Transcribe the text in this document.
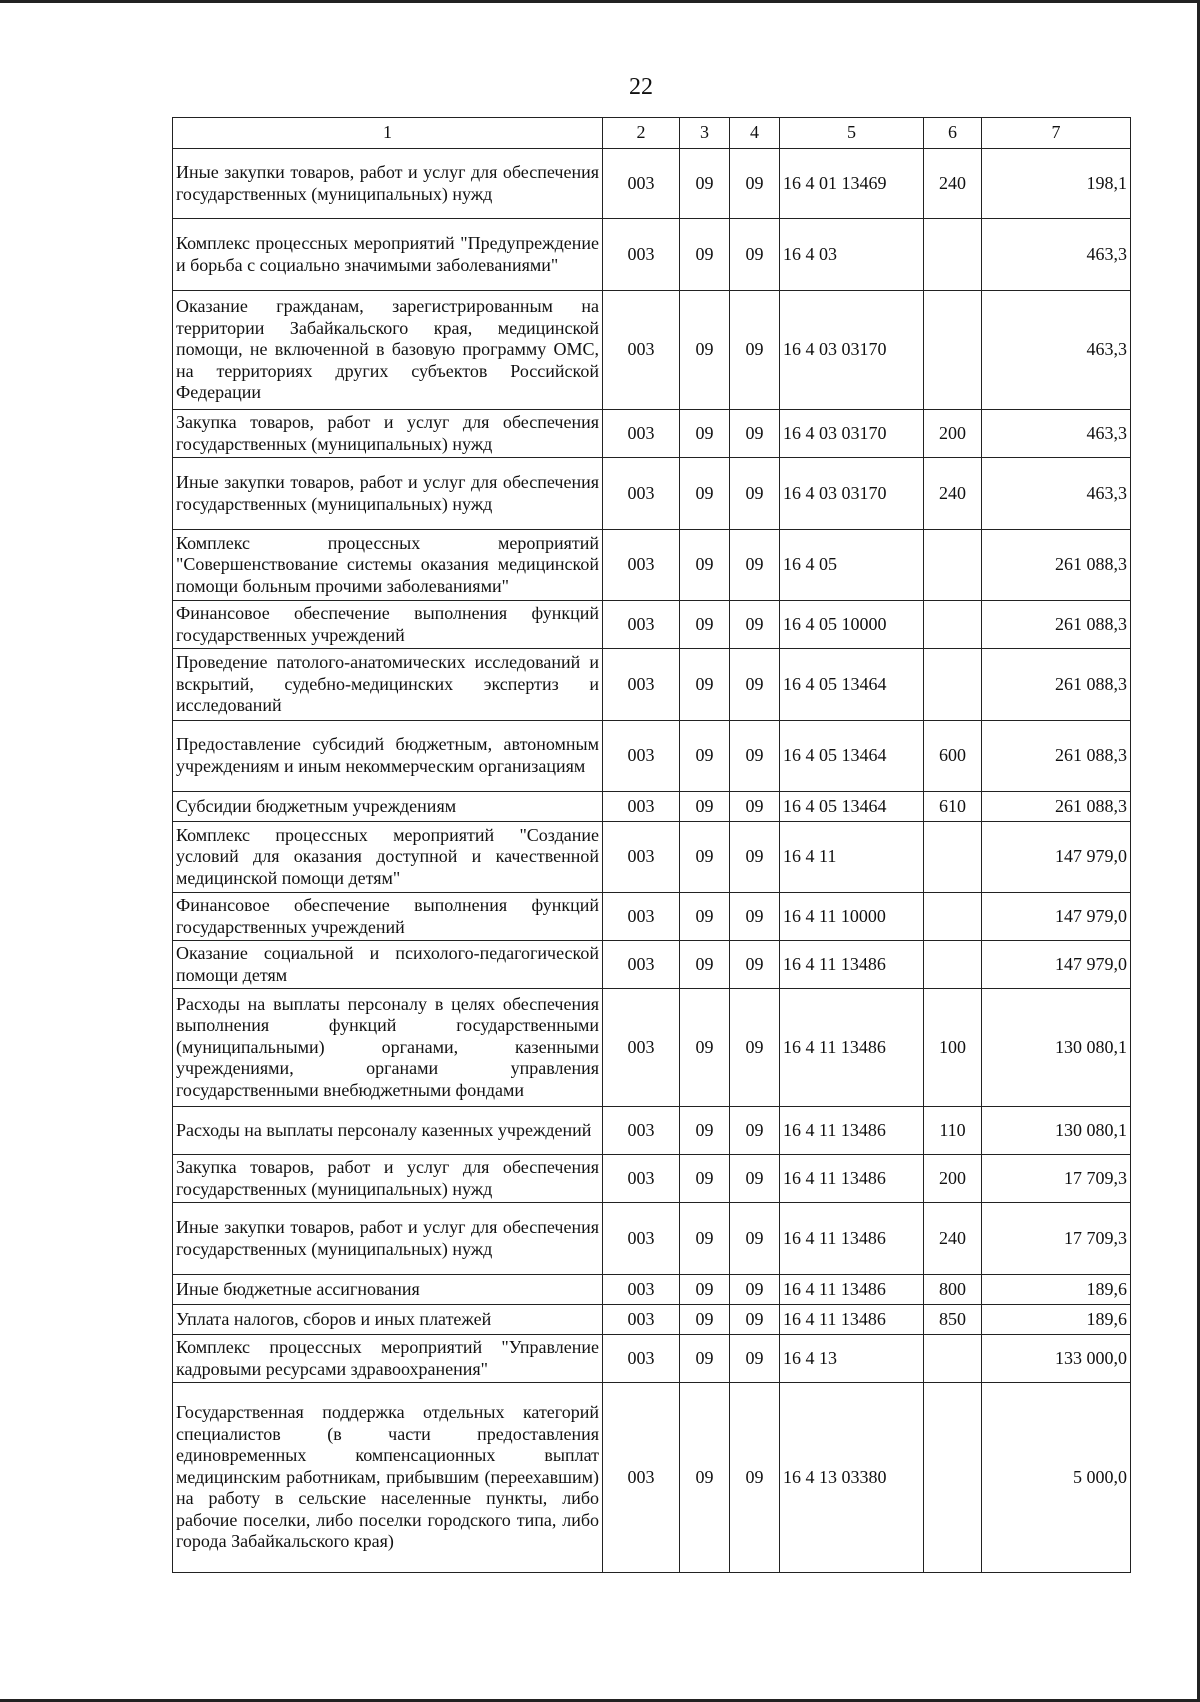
22
1	2	3	4	5	6	7
Иные закупки товаров, работ и услуг для обеспечения государственных (муниципальных) нужд	003	09	09	16 4 01 13469	240	198,1
Комплекс процессных мероприятий "Предупреждение и борьба с социально значимыми заболеваниями"	003	09	09	16 4 03		463,3
Оказание гражданам, зарегистрированным на территории Забайкальского края, медицинской помощи, не включенной в базовую программу ОМС, на территориях других субъектов Российской Федерации	003	09	09	16 4 03 03170		463,3
Закупка товаров, работ и услуг для обеспечения государственных (муниципальных) нужд	003	09	09	16 4 03 03170	200	463,3
Иные закупки товаров, работ и услуг для обеспечения государственных (муниципальных) нужд	003	09	09	16 4 03 03170	240	463,3
Комплекс процессных мероприятий "Совершенствование системы оказания медицинской помощи больным прочими заболеваниями"	003	09	09	16 4 05		261 088,3
Финансовое обеспечение выполнения функций государственных учреждений	003	09	09	16 4 05 10000		261 088,3
Проведение патолого-анатомических исследований и вскрытий, судебно-медицинских экспертиз и исследований	003	09	09	16 4 05 13464		261 088,3
Предоставление субсидий бюджетным, автономным учреждениям и иным некоммерческим организациям	003	09	09	16 4 05 13464	600	261 088,3
Субсидии бюджетным учреждениям	003	09	09	16 4 05 13464	610	261 088,3
Комплекс процессных мероприятий "Создание условий для оказания доступной и качественной медицинской помощи детям"	003	09	09	16 4 11		147 979,0
Финансовое обеспечение выполнения функций государственных учреждений	003	09	09	16 4 11 10000		147 979,0
Оказание социальной и психолого-педагогической помощи детям	003	09	09	16 4 11 13486		147 979,0
Расходы на выплаты персоналу в целях обеспечения выполнения функций государственными (муниципальными) органами, казенными учреждениями, органами управления государственными внебюджетными фондами	003	09	09	16 4 11 13486	100	130 080,1
Расходы на выплаты персоналу казенных учреждений	003	09	09	16 4 11 13486	110	130 080,1
Закупка товаров, работ и услуг для обеспечения государственных (муниципальных) нужд	003	09	09	16 4 11 13486	200	17 709,3
Иные закупки товаров, работ и услуг для обеспечения государственных (муниципальных) нужд	003	09	09	16 4 11 13486	240	17 709,3
Иные бюджетные ассигнования	003	09	09	16 4 11 13486	800	189,6
Уплата налогов, сборов и иных платежей	003	09	09	16 4 11 13486	850	189,6
Комплекс процессных мероприятий "Управление кадровыми ресурсами здравоохранения"	003	09	09	16 4 13		133 000,0
Государственная поддержка отдельных категорий специалистов (в части предоставления единовременных компенсационных выплат медицинским работникам, прибывшим (переехавшим) на работу в сельские населенные пункты, либо рабочие поселки, либо поселки городского типа, либо города Забайкальского края)	003	09	09	16 4 13 03380		5 000,0
